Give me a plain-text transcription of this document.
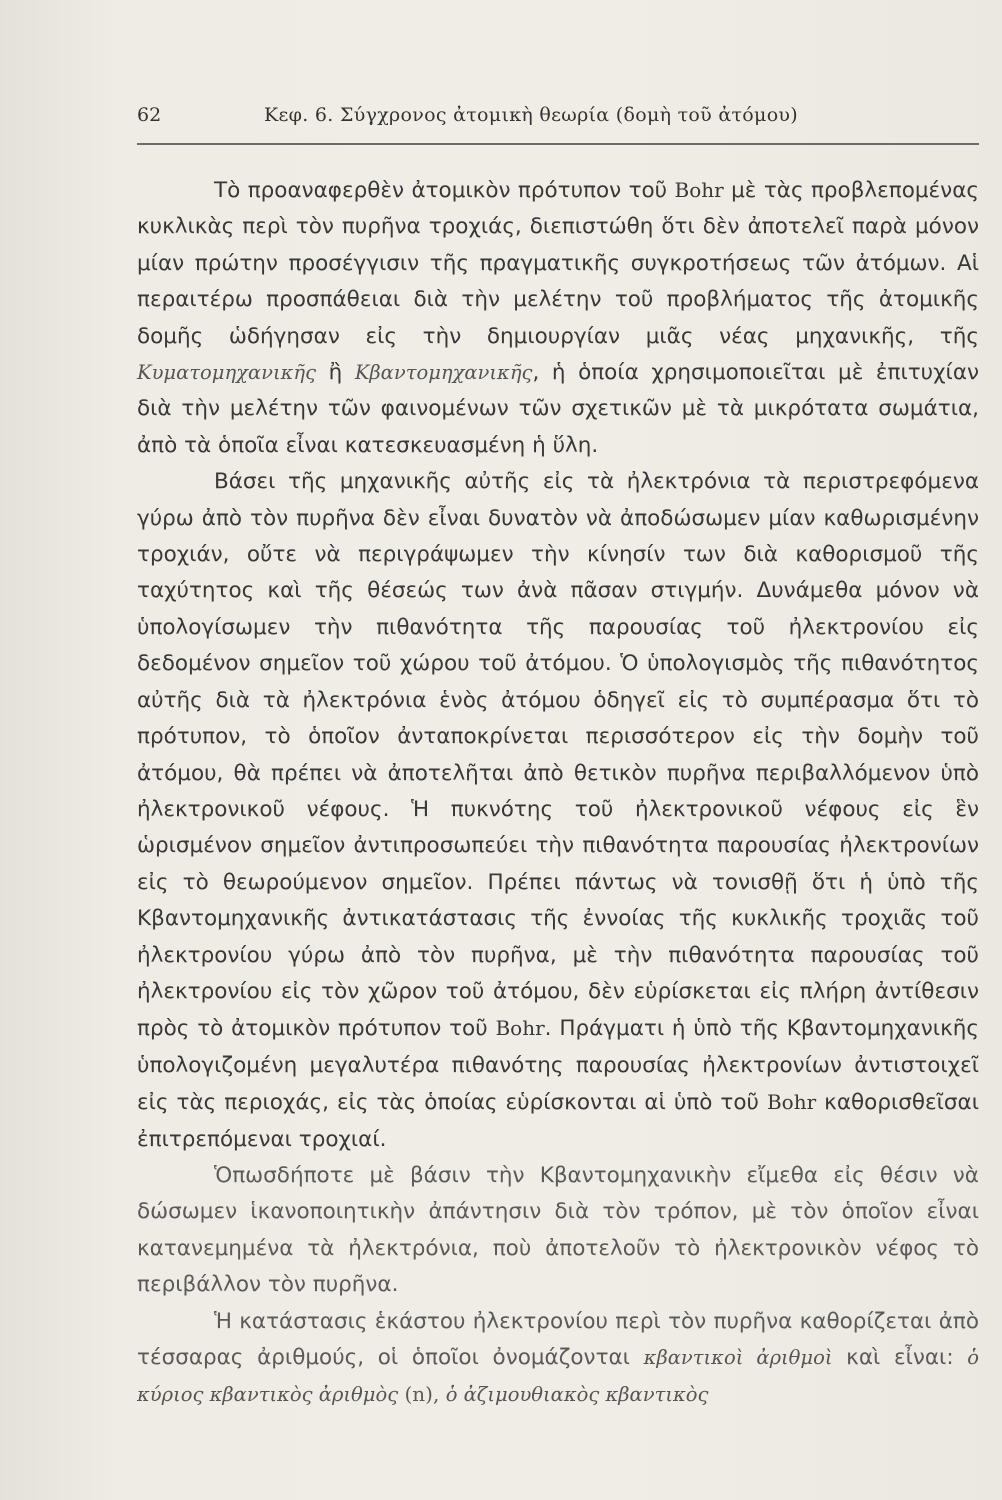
62	Κεφ. 6. Σύγχρονος ἀτομικὴ θεωρία (δομὴ τοῦ ἀτόμου)

Τὸ προαναφερθὲν ἀτομικὸν πρότυπον τοῦ Bohr μὲ τὰς προβλεπομένας κυκλικὰς περὶ τὸν πυρῆνα τροχιάς, διεπιστώθη ὅτι δὲν ἀποτελεῖ παρὰ μόνον μίαν πρώτην προσέγγισιν τῆς πραγματικῆς συγκροτήσεως τῶν ἀτόμων. Αἱ περαιτέρω προσπάθειαι διὰ τὴν μελέτην τοῦ προβλήματος τῆς ἀτομικῆς δομῆς ὡδήγησαν εἰς τὴν δημιουργίαν μιᾶς νέας μηχανικῆς, τῆς Κυματομηχανικῆς ἢ Κβαντομηχανικῆς, ἡ ὁποία χρησιμοποιεῖται μὲ ἐπιτυχίαν διὰ τὴν μελέτην τῶν φαινομένων τῶν σχετικῶν μὲ τὰ μικρότατα σωμάτια, ἀπὸ τὰ ὁποῖα εἶναι κατεσκευασμένη ἡ ὕλη.

Βάσει τῆς μηχανικῆς αὐτῆς εἰς τὰ ἠλεκτρόνια τὰ περιστρεφόμενα γύρω ἀπὸ τὸν πυρῆνα δὲν εἶναι δυνατὸν νὰ ἀποδώσωμεν μίαν καθωρισμένην τροχιάν, οὔτε νὰ περιγράψωμεν τὴν κίνησίν των διὰ καθορισμοῦ τῆς ταχύτητος καὶ τῆς θέσεώς των ἀνὰ πᾶσαν στιγμήν. Δυνάμεθα μόνον νὰ ὑπολογίσωμεν τὴν πιθανότητα τῆς παρουσίας τοῦ ἠλεκτρονίου εἰς δεδομένον σημεῖον τοῦ χώρου τοῦ ἀτόμου. Ὁ ὑπολογισμὸς τῆς πιθανότητος αὐτῆς διὰ τὰ ἠλεκτρόνια ἑνὸς ἀτόμου ὁδηγεῖ εἰς τὸ συμπέρασμα ὅτι τὸ πρότυπον, τὸ ὁποῖον ἀνταποκρίνεται περισσότερον εἰς τὴν δομὴν τοῦ ἀτόμου, θὰ πρέπει νὰ ἀποτελῆται ἀπὸ θετικὸν πυρῆνα περιβαλλόμενον ὑπὸ ἠλεκτρονικοῦ νέφους. Ἡ πυκνότης τοῦ ἠλεκτρονικοῦ νέφους εἰς ἓν ὡρισμένον σημεῖον ἀντιπροσωπεύει τὴν πιθανότητα παρουσίας ἠλεκτρονίων εἰς τὸ θεωρούμενον σημεῖον. Πρέπει πάντως νὰ τονισθῇ ὅτι ἡ ὑπὸ τῆς Κβαντομηχανικῆς ἀντικατάστασις τῆς ἐννοίας τῆς κυκλικῆς τροχιᾶς τοῦ ἠλεκτρονίου γύρω ἀπὸ τὸν πυρῆνα, μὲ τὴν πιθανότητα παρουσίας τοῦ ἠλεκτρονίου εἰς τὸν χῶρον τοῦ ἀτόμου, δὲν εὑρίσκεται εἰς πλήρη ἀντίθεσιν πρὸς τὸ ἀτομικὸν πρότυπον τοῦ Bohr. Πράγματι ἡ ὑπὸ τῆς Κβαντομηχανικῆς ὑπολογιζομένη μεγαλυτέρα πιθανότης παρουσίας ἠλεκτρονίων ἀντιστοιχεῖ εἰς τὰς περιοχάς, εἰς τὰς ὁποίας εὑρίσκονται αἱ ὑπὸ τοῦ Bohr καθορισθεῖσαι ἐπιτρεπόμεναι τροχιαί.

Ὁπωσδήποτε μὲ βάσιν τὴν Κβαντομηχανικὴν εἴμεθα εἰς θέσιν νὰ δώσωμεν ἱκανοποιητικὴν ἀπάντησιν διὰ τὸν τρόπον, μὲ τὸν ὁποῖον εἶναι κατανεμημένα τὰ ἠλεκτρόνια, ποὺ ἀποτελοῦν τὸ ἠλεκτρονικὸν νέφος τὸ περιβάλλον τὸν πυρῆνα.

Ἡ κατάστασις ἑκάστου ἠλεκτρονίου περὶ τὸν πυρῆνα καθορίζεται ἀπὸ τέσσαρας ἀριθμούς, οἱ ὁποῖοι ὀνομάζονται κβαντικοὶ ἀριθμοὶ καὶ εἶναι: ὁ κύριος κβαντικὸς ἀριθμὸς (n), ὁ ἀζιμουθιακὸς κβαντικὸς
